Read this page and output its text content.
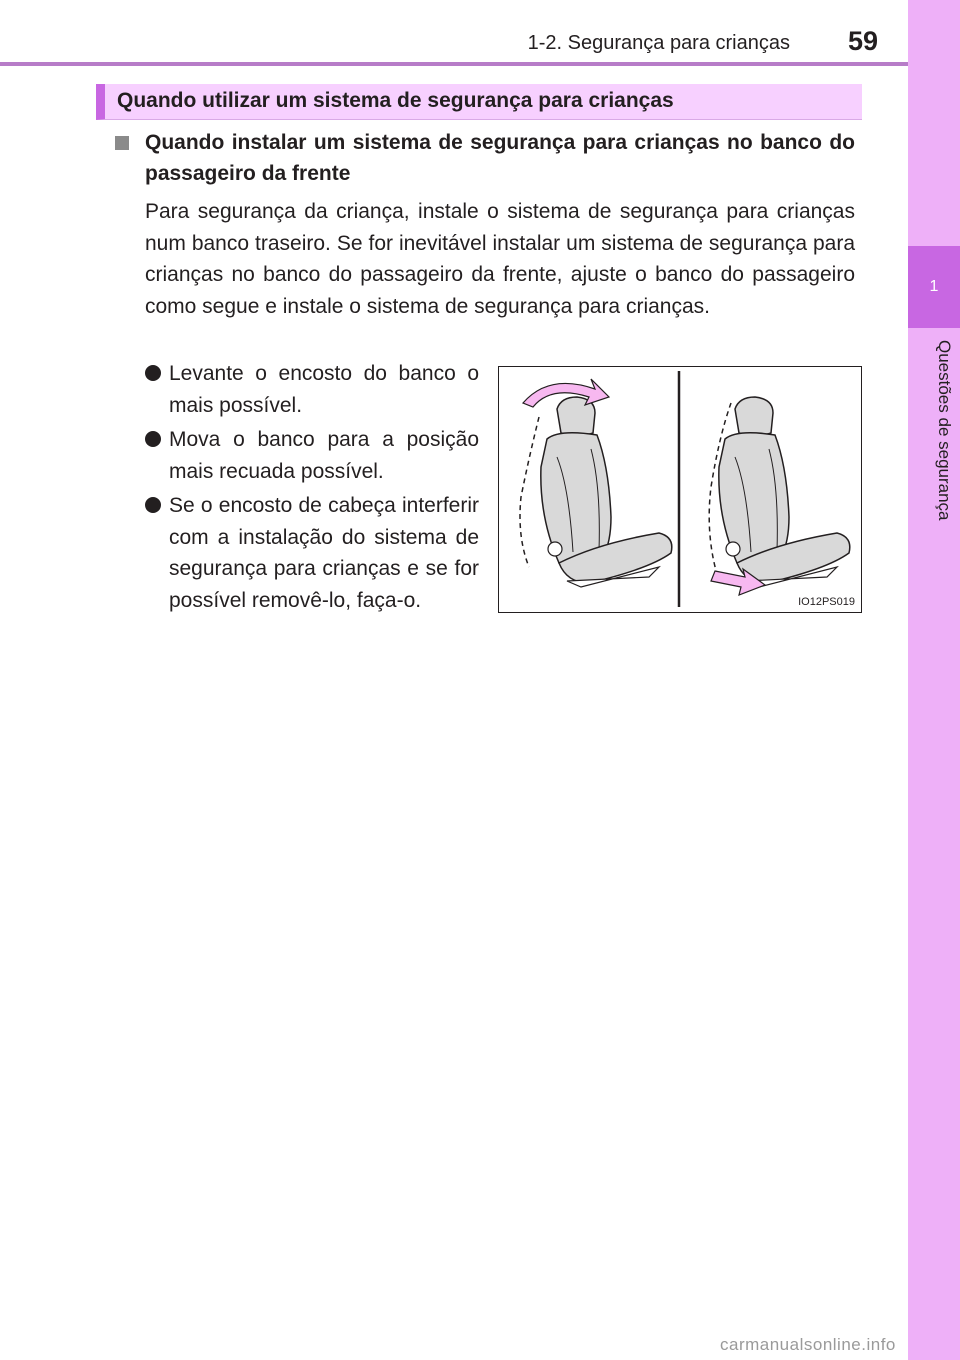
1-2. Segurança para crianças 59
1
Questões de segurança
Quando utilizar um sistema de segurança para crianças
Quando instalar um sistema de segurança para crianças no banco do passageiro da frente
Para segurança da criança, instale o sistema de segurança para crianças num banco traseiro. Se for inevitável instalar um sistema de segurança para crianças no banco do passageiro da frente, ajuste o banco do passageiro como segue e instale o sistema de segurança para crianças.
Levante o encosto do banco o mais possível.
Mova o banco para a posição mais recuada possível.
Se o encosto de cabeça interferir com a instalação do sistema de segurança para crianças e se for possível removê-lo, faça-o.	IO12PS019
carmanualsonline.info
